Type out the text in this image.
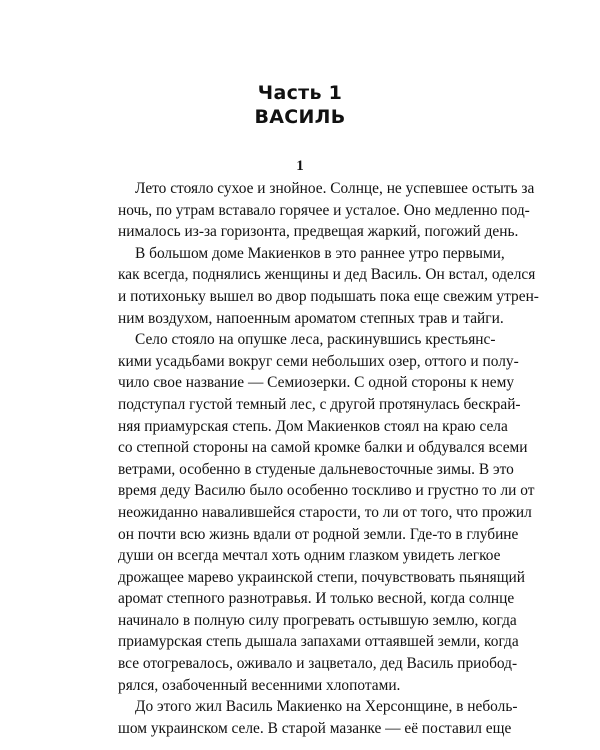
Часть 1
ВАСИЛЬ
1
Лето стояло сухое и знойное. Солнце, не успевшее остыть за
ночь, по утрам вставало горячее и усталое. Оно медленно под-
нималось из-за горизонта, предвещая жаркий, погожий день.
В большом доме Макиенков в это раннее утро первыми,
как всегда, поднялись женщины и дед Василь. Он встал, оделся
и потихоньку вышел во двор подышать пока еще свежим утрен-
ним воздухом, напоенным ароматом степных трав и тайги.
Село стояло на опушке леса, раскинувшись крестьянс-
кими усадьбами вокруг семи небольших озер, оттого и полу-
чило свое название — Семиозерки. С одной стороны к нему
подступал густой темный лес, с другой протянулась бескрай-
няя приамурская степь. Дом Макиенков стоял на краю села
со степной стороны на самой кромке балки и обдувался всеми
ветрами, особенно в студеные дальневосточные зимы. В это
время деду Василю было особенно тоскливо и грустно то ли от
неожиданно навалившейся старости, то ли от того, что прожил
он почти всю жизнь вдали от родной земли. Где-то в глубине
души он всегда мечтал хоть одним глазком увидеть легкое
дрожащее марево украинской степи, почувствовать пьянящий
аромат степного разнотравья. И только весной, когда солнце
начинало в полную силу прогревать остывшую землю, когда
приамурская степь дышала запахами оттаявшей земли, когда
все отогревалось, оживало и зацветало, дед Василь приобод-
рялся, озабоченный весенними хлопотами.
До этого жил Василь Макиенко на Херсонщине, в неболь-
шом украинском селе. В старой мазанке — её поставил еще
